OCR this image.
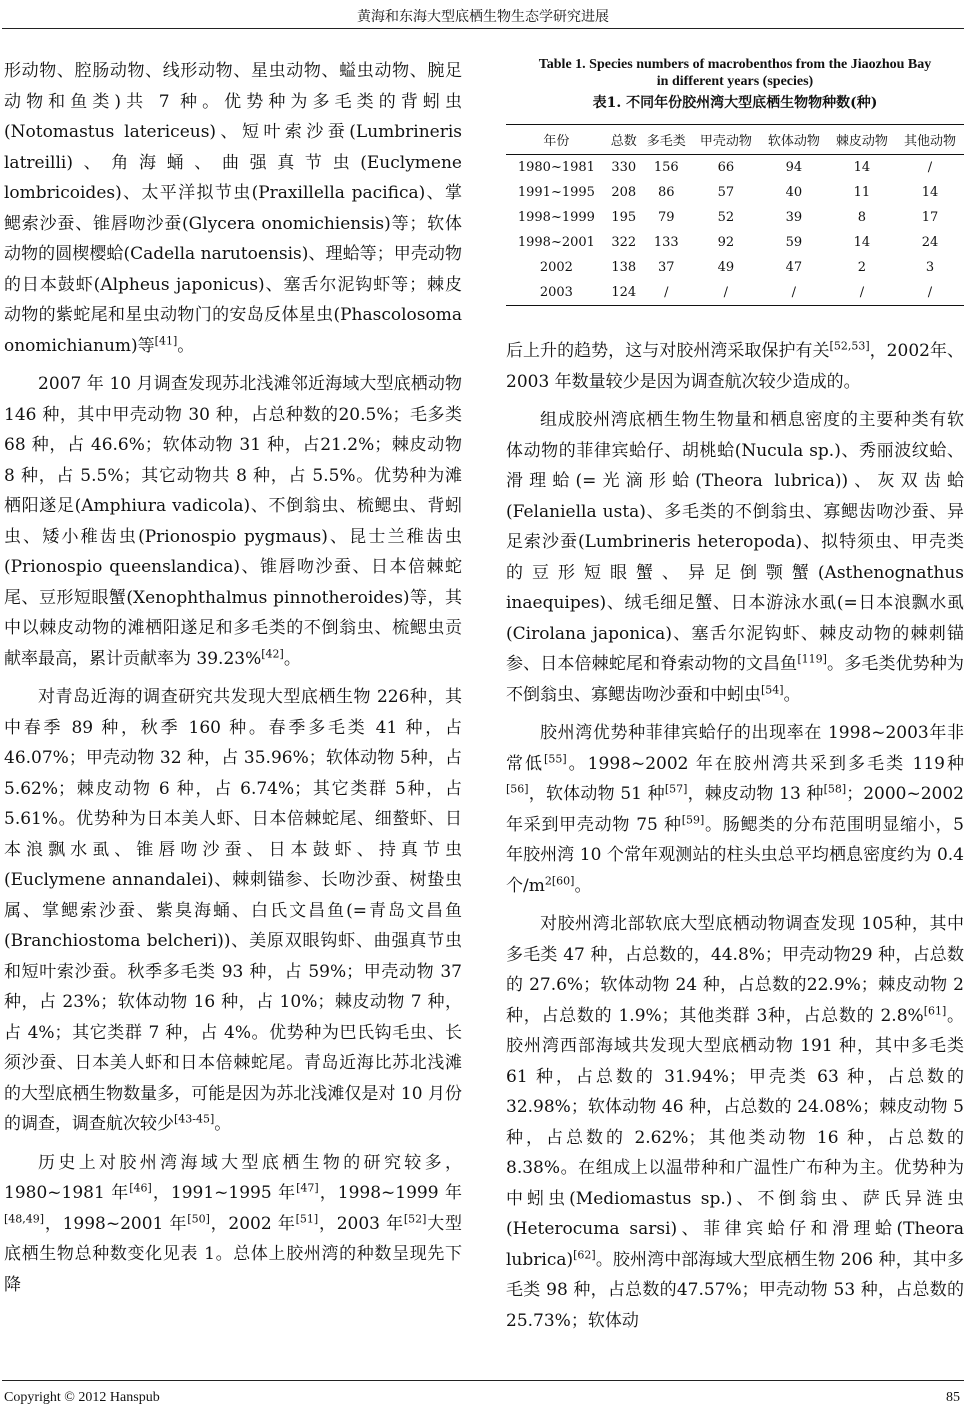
黄海和东海大型底栖生物生态学研究进展

形动物、腔肠动物、线形动物、星虫动物、螠虫动物、腕足动物和鱼类)共 7 种。优势种为多毛类的背蚓虫(Notomastus latericeus)、短叶索沙蚕(Lumbrineris latreilli)、角海蛹、曲强真节虫(Euclymene lombricoides)、太平洋拟节虫(Praxillella pacifica)、掌鳃索沙蚕、锥唇吻沙蚕(Glycera onomichiensis)等；软体动物的圆楔樱蛤(Cadella narutoensis)、理蛤等；甲壳动物的日本鼓虾(Alpheus japonicus)、塞舌尔泥钩虾等；棘皮动物的紫蛇尾和星虫动物门的安岛反体星虫(Phascolosoma onomichianum)等[41]。

2007 年 10 月调查发现苏北浅滩邻近海域大型底栖动物 146 种，其中甲壳动物 30 种，占总种数的20.5%；毛多类 68 种，占 46.6%；软体动物 31 种，占21.2%；棘皮动物 8 种，占 5.5%；其它动物共 8 种，占 5.5%。优势种为滩栖阳遂足(Amphiura vadicola)、不倒翁虫、梳鳃虫、背蚓虫、矮小稚齿虫(Prionospio pygmaus)、昆士兰稚齿虫(Prionospio queenslandica)、锥唇吻沙蚕、日本倍棘蛇尾、豆形短眼蟹(Xenophthalmus pinnotheroides)等，其中以棘皮动物的滩栖阳遂足和多毛类的不倒翁虫、梳鳃虫贡献率最高，累计贡献率为 39.23%[42]。

对青岛近海的调查研究共发现大型底栖生物 226种，其中春季 89 种，秋季 160 种。春季多毛类 41 种，占 46.07%；甲壳动物 32 种，占 35.96%；软体动物 5种，占 5.62%；棘皮动物 6 种，占 6.74%；其它类群 5种，占 5.61%。优势种为日本美人虾、日本倍棘蛇尾、细螯虾、日本浪飘水虱、锥唇吻沙蚕、日本鼓虾、持真节虫(Euclymene annandalei)、棘刺锚参、长吻沙蚕、树蛰虫属、掌鳃索沙蚕、紫臭海蛹、白氏文昌鱼(=青岛文昌鱼(Branchiostoma belcheri))、美原双眼钩虾、曲强真节虫和短叶索沙蚕。秋季多毛类 93 种，占 59%；甲壳动物 37 种，占 23%；软体动物 16 种，占 10%；棘皮动物 7 种，占 4%；其它类群 7 种，占 4%。优势种为巴氏钩毛虫、长须沙蚕、日本美人虾和日本倍棘蛇尾。青岛近海比苏北浅滩的大型底栖生物数量多，可能是因为苏北浅滩仅是对 10 月份的调查，调查航次较少[43-45]。

历史上对胶州湾海域大型底栖生物的研究较多，1980~1981 年[46]，1991~1995 年[47]，1998~1999 年[48,49]，1998~2001 年[50]，2002 年[51]，2003 年[52]大型底栖生物总种数变化见表 1。总体上胶州湾的种数呈现先下降

Table 1. Species numbers of macrobenthos from the Jiaozhou Bay
in different years (species)
表1. 不同年份胶州湾大型底栖生物物种数(种)
年份	总数	多毛类	甲壳动物	软体动物	棘皮动物	其他动物
1980~1981	330	156	66	94	14	/
1991~1995	208	86	57	40	11	14
1998~1999	195	79	52	39	8	17
1998~2001	322	133	92	59	14	24
2002	138	37	49	47	2	3
2003	124	/	/	/	/	/

后上升的趋势，这与对胶州湾采取保护有关[52,53]，2002年、2003 年数量较少是因为调查航次较少造成的。

组成胶州湾底栖生物生物量和栖息密度的主要种类有软体动物的菲律宾蛤仔、胡桃蛤(Nucula sp.)、秀丽波纹蛤、滑理蛤(=光滴形蛤(Theora lubrica))、灰双齿蛤(Felaniella usta)、多毛类的不倒翁虫、寡鳃齿吻沙蚕、异足索沙蚕(Lumbrineris heteropoda)、拟特须虫、甲壳类的豆形短眼蟹、异足倒颚蟹(Asthenognathus inaequipes)、绒毛细足蟹、日本游泳水虱(=日本浪飘水虱(Cirolana japonica)、塞舌尔泥钩虾、棘皮动物的棘刺锚参、日本倍棘蛇尾和脊索动物的文昌鱼[119]。多毛类优势种为不倒翁虫、寡鳃齿吻沙蚕和中蚓虫[54]。

胶州湾优势种菲律宾蛤仔的出现率在 1998~2003年非常低[55]。1998~2002 年在胶州湾共采到多毛类 119种[56]，软体动物 51 种[57]，棘皮动物 13 种[58]；2000~2002年采到甲壳动物 75 种[59]。肠鳃类的分布范围明显缩小，5 年胶州湾 10 个常年观测站的柱头虫总平均栖息密度约为 0.4 个$/m^{2[60]}$。

对胶州湾北部软底大型底栖动物调查发现 105种，其中多毛类 47 种，占总数的，44.8%；甲壳动物29 种，占总数的 27.6%；软体动物 24 种，占总数的22.9%；棘皮动物 2 种，占总数的 1.9%；其他类群 3种，占总数的 2.8%[61]。胶州湾西部海域共发现大型底栖动物 191 种，其中多毛类 61 种，占总数的 31.94%；甲壳类 63 种，占总数的 32.98%；软体动物 46 种，占总数的 24.08%；棘皮动物 5 种，占总数的 2.62%；其他类动物 16 种，占总数的 8.38%。在组成上以温带种和广温性广布种为主。优势种为中蚓虫(Mediomastus sp.)、不倒翁虫、萨氏异涟虫(Heterocuma sarsi)、菲律宾蛤仔和滑理蛤(Theora lubrica)[62]。胶州湾中部海域大型底栖生物 206 种，其中多毛类 98 种，占总数的47.57%；甲壳动物 53 种，占总数的 25.73%；软体动

Copyright © 2012 Hanspub	85
